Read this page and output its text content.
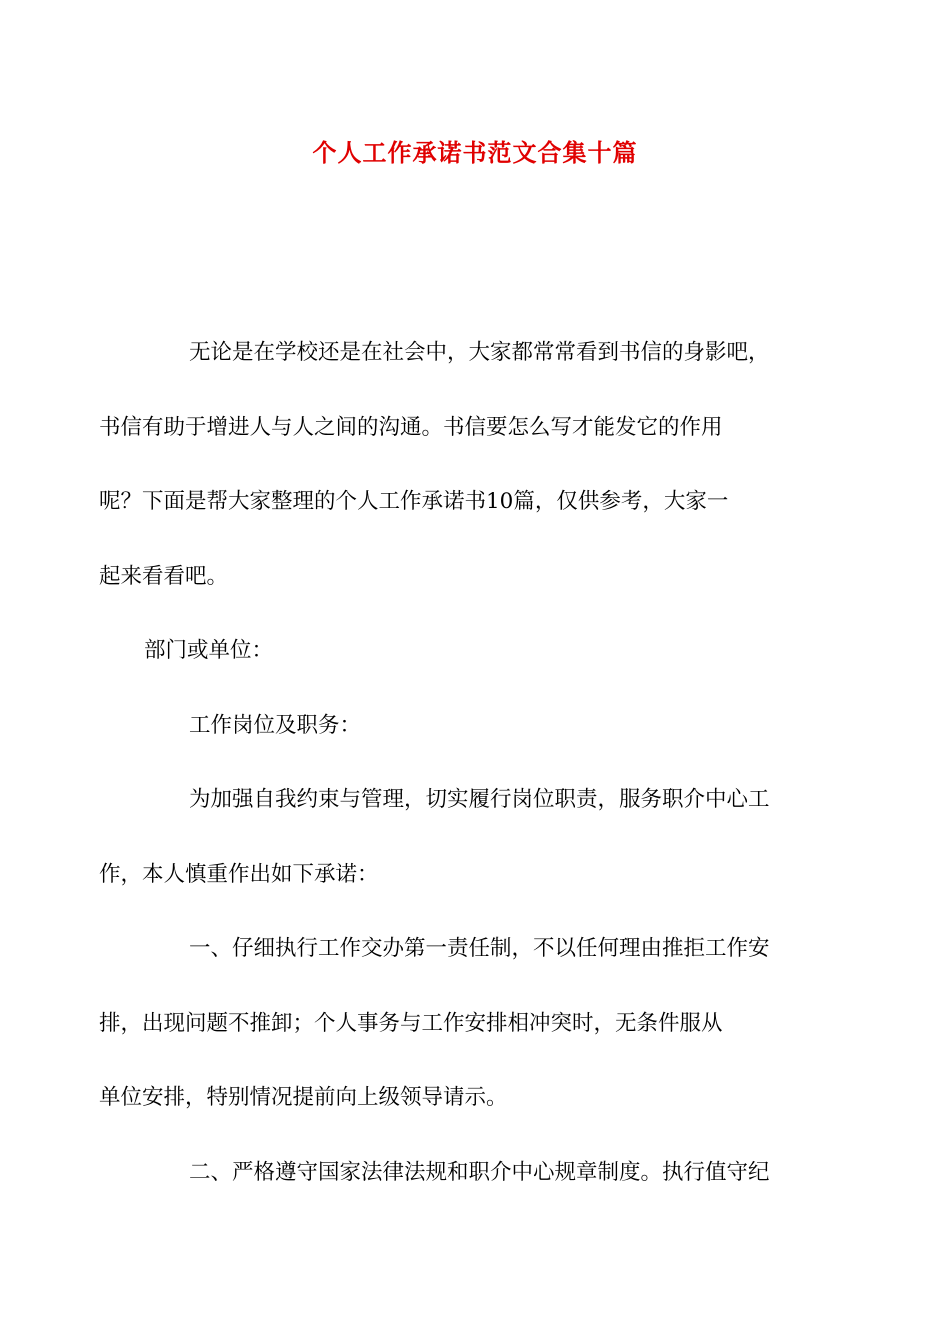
个人工作承诺书范文合集十篇
无论是在学校还是在社会中，大家都常常看到书信的身影吧，
书信有助于增进人与人之间的沟通。书信要怎么写才能发它的作用
呢？下面是帮大家整理的个人工作承诺书10篇，仅供参考，大家一
起来看看吧。
部门或单位：
工作岗位及职务：
为加强自我约束与管理，切实履行岗位职责，服务职介中心工
作，本人慎重作出如下承诺：
一、仔细执行工作交办第一责任制，不以任何理由推拒工作安
排，出现问题不推卸；个人事务与工作安排相冲突时，无条件服从
单位安排，特别情况提前向上级领导请示。
二、严格遵守国家法律法规和职介中心规章制度。执行值守纪
